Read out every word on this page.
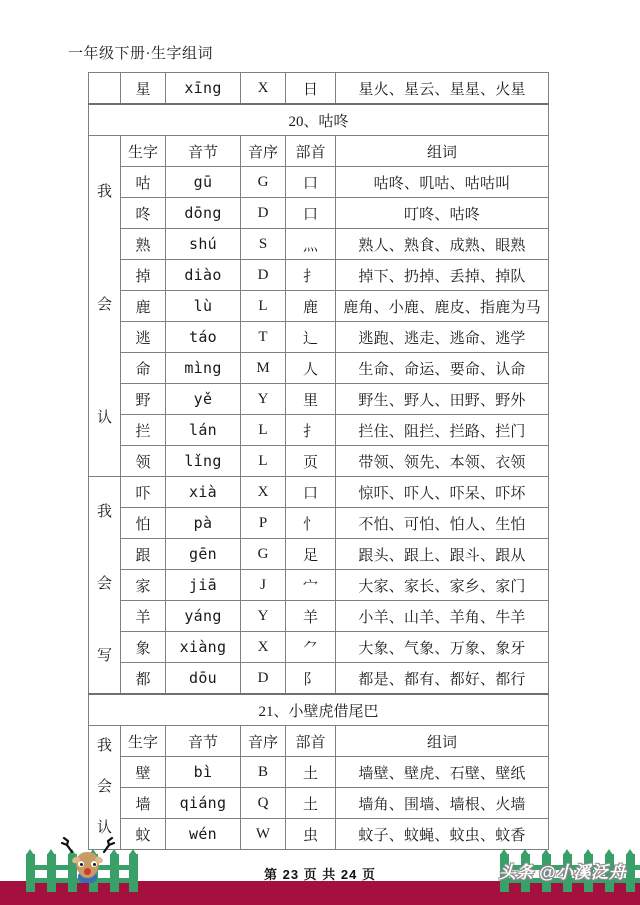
一年级下册·生字组词
	星	xīng	X	日	星火、星云、星星、火星
20、咕咚					

我
会
认	生字	音节	音序	部首	组词
	咕	gū	G	口	咕咚、叽咕、咕咕叫
	咚	dōng	D	口	叮咚、咕咚
	熟	shú	S	灬	熟人、熟食、成熟、眼熟
	掉	diào	D	扌	掉下、扔掉、丢掉、掉队
	鹿	lù	L	鹿	鹿角、小鹿、鹿皮、指鹿为马
	逃	táo	T	辶	逃跑、逃走、逃命、逃学
	命	mìng	M	人	生命、命运、要命、认命
	野	yě	Y	里	野生、野人、田野、野外
	拦	lán	L	扌	拦住、阻拦、拦路、拦门
	领	lǐng	L	页	带领、领先、本领、衣领

我
会
写	吓	xià	X	口	惊吓、吓人、吓呆、吓坏
	怕	pà	P	忄	不怕、可怕、怕人、生怕
	跟	gēn	G	足	跟头、跟上、跟斗、跟从
	家	jiā	J	宀	大家、家长、家乡、家门
	羊	yáng	Y	羊	小羊、山羊、羊角、牛羊
	象	xiàng	X	⺈	大象、气象、万象、象牙
	都	dōu	D	阝	都是、都有、都好、都行
21、小壁虎借尾巴					

我
会
认	生字	音节	音序	部首	组词
	壁	bì	B	土	墙壁、壁虎、石壁、壁纸
	墙	qiáng	Q	土	墙角、围墙、墙根、火墙
	蚊	wén	W	虫	蚊子、蚊蝇、蚊虫、蚊香
第 23 页 共 24 页	头条 @小溪泛舟
